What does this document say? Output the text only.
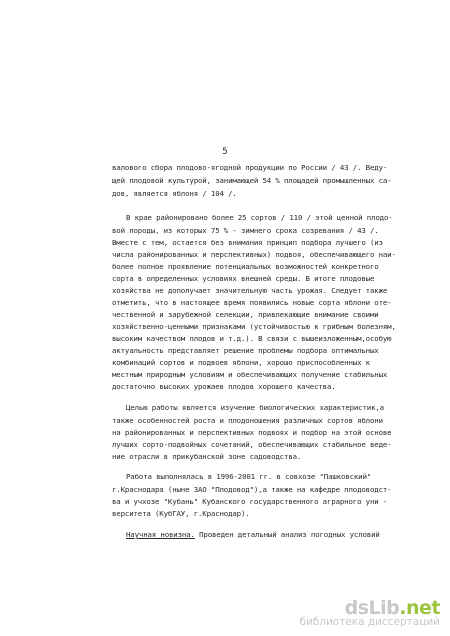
5
валового сбора плодово-ягодной продукции по России / 43 /. Веду-
щей плодовой культурой, занимающей 54 % площадей промышленных са-
дов, является яблоня / 104 /.
В крае районировано более 25 сортов / 110 / этой ценной плодо-
вой породы, из которых 75 % - зимнего срока созревания / 43 /.
Вместе с тем, остается без внимания принцип подбора лучшего (из
числа районированных и перспективных) подвоя, обеспечивающего наи-
более полное проявление потенциальных возможностей конкретного
сорта в определенных условиях внешней среды. В итоге плодовые
хозяйства не дополучает значительную часть урожая. Следует также
отметить, что в настоящее время появились новые сорта яблони оте-
чественной и зарубежной селекции, привлекающие внимание своими
хозяйственно-ценными признаками (устойчивостью к грибным болезням,
высоким качеством плодов и т.д.). В связи с вышеизложенным,особую
актуальность представляет решение проблемы подбора оптимальных
комбинаций сортов и подвоев яблони, хорошо приспособленных к
местным природным условиям и обеспечивающих получение стабильных
достаточно высоких урожаев плодов хорошего качества.
Целью работы является изучение биологических характеристик,а
также особенностей роста и плодоношения различных сортов яблони
на районированных и перспективных подвоях и подбор на этой основе
лучших сорто-подвойных сочетаний, обеспечивающих стабильное веде-
ние отрасли в прикубанской зоне садоводства.
Работа выполнялась в 1996-2001 гг. в совхозе "Пашковский"
г.Краснодара (ныне ЗАО "Плодовод"),а также на кафедре плодоводст-
ва и учхозе "Кубань" Кубанского государственного аграрного уни -
верситета (КубГАУ, г.Краснодар).
Научная новизна. Проведен детальный анализ погодных условий
dsLib.net
библиотека диссертаций
